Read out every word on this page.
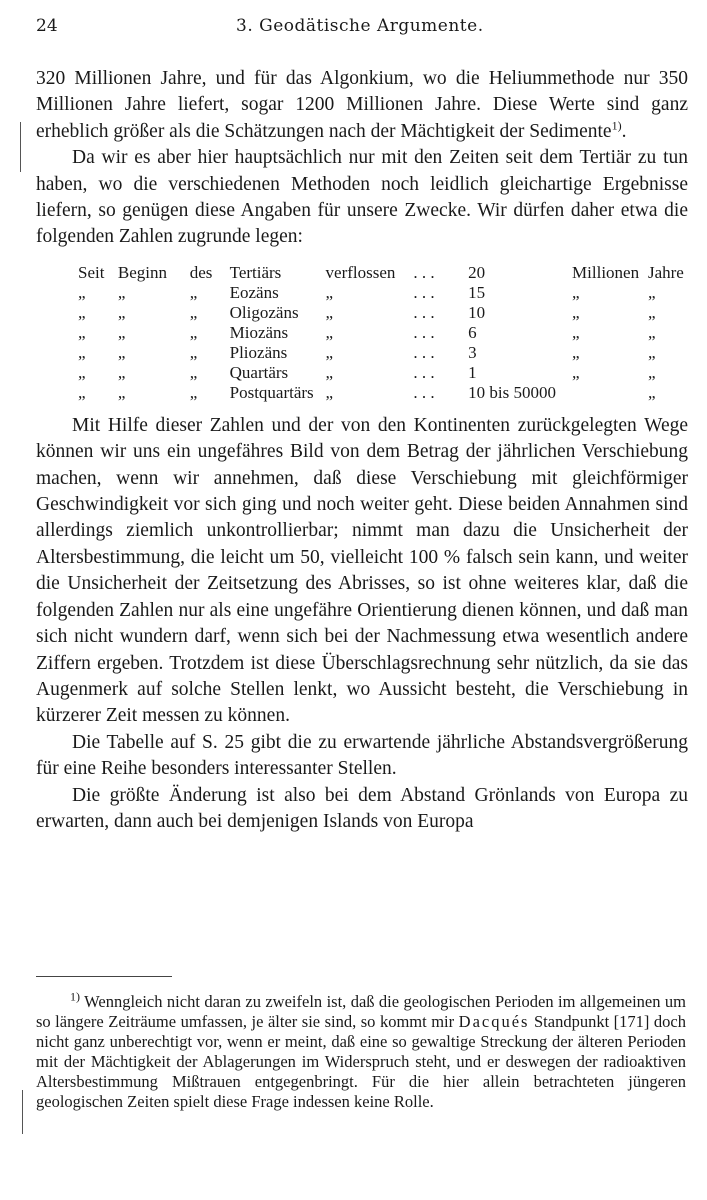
24	3. Geodätische Argumente.

320 Millionen Jahre, und für das Algonkium, wo die Heliummethode nur 350 Millionen Jahre liefert, sogar 1200 Millionen Jahre. Diese Werte sind ganz erheblich größer als die Schätzungen nach der Mächtigkeit der Sedimente$^{1)}$.

Da wir es aber hier hauptsächlich nur mit den Zeiten seit dem Tertiär zu tun haben, wo die verschiedenen Methoden noch leidlich gleichartige Ergebnisse liefern, so genügen diese Angaben für unsere Zwecke. Wir dürfen daher etwa die folgenden Zahlen zugrunde legen:

Seit	Beginn	des	Tertiärs	verflossen	. . .	20	Millionen	Jahre
„	„	„	Eozäns	„	. . .	15	„	„
„	„	„	Oligozäns	„	. . .	10	„	„
„	„	„	Miozäns	„	. . .	6	„	„
„	„	„	Pliozäns	„	. . .	3	„	„
„	„	„	Quartärs	„	. . .	1	„	„
„	„	„	Postquartärs	„	. . .	10 bis 50000		„

Mit Hilfe dieser Zahlen und der von den Kontinenten zurückgelegten Wege können wir uns ein ungefähres Bild von dem Betrag der jährlichen Verschiebung machen, wenn wir annehmen, daß diese Verschiebung mit gleichförmiger Geschwindigkeit vor sich ging und noch weiter geht. Diese beiden Annahmen sind allerdings ziemlich unkontrollierbar; nimmt man dazu die Unsicherheit der Altersbestimmung, die leicht um 50, vielleicht 100 % falsch sein kann, und weiter die Unsicherheit der Zeitsetzung des Abrisses, so ist ohne weiteres klar, daß die folgenden Zahlen nur als eine ungefähre Orientierung dienen können, und daß man sich nicht wundern darf, wenn sich bei der Nachmessung etwa wesentlich andere Ziffern ergeben. Trotzdem ist diese Überschlagsrechnung sehr nützlich, da sie das Augenmerk auf solche Stellen lenkt, wo Aussicht besteht, die Verschiebung in kürzerer Zeit messen zu können.

Die Tabelle auf S. 25 gibt die zu erwartende jährliche Abstandsvergrößerung für eine Reihe besonders interessanter Stellen.

Die größte Änderung ist also bei dem Abstand Grönlands von Europa zu erwarten, dann auch bei demjenigen Islands von Europa

$^{1)}$ Wenngleich nicht daran zu zweifeln ist, daß die geologischen Perioden im allgemeinen um so längere Zeiträume umfassen, je älter sie sind, so kommt mir Dacqués Standpunkt [171] doch nicht ganz unberechtigt vor, wenn er meint, daß eine so gewaltige Streckung der älteren Perioden mit der Mächtigkeit der Ablagerungen im Widerspruch steht, und er deswegen der radioaktiven Altersbestimmung Mißtrauen entgegenbringt. Für die hier allein betrachteten jüngeren geologischen Zeiten spielt diese Frage indessen keine Rolle.
